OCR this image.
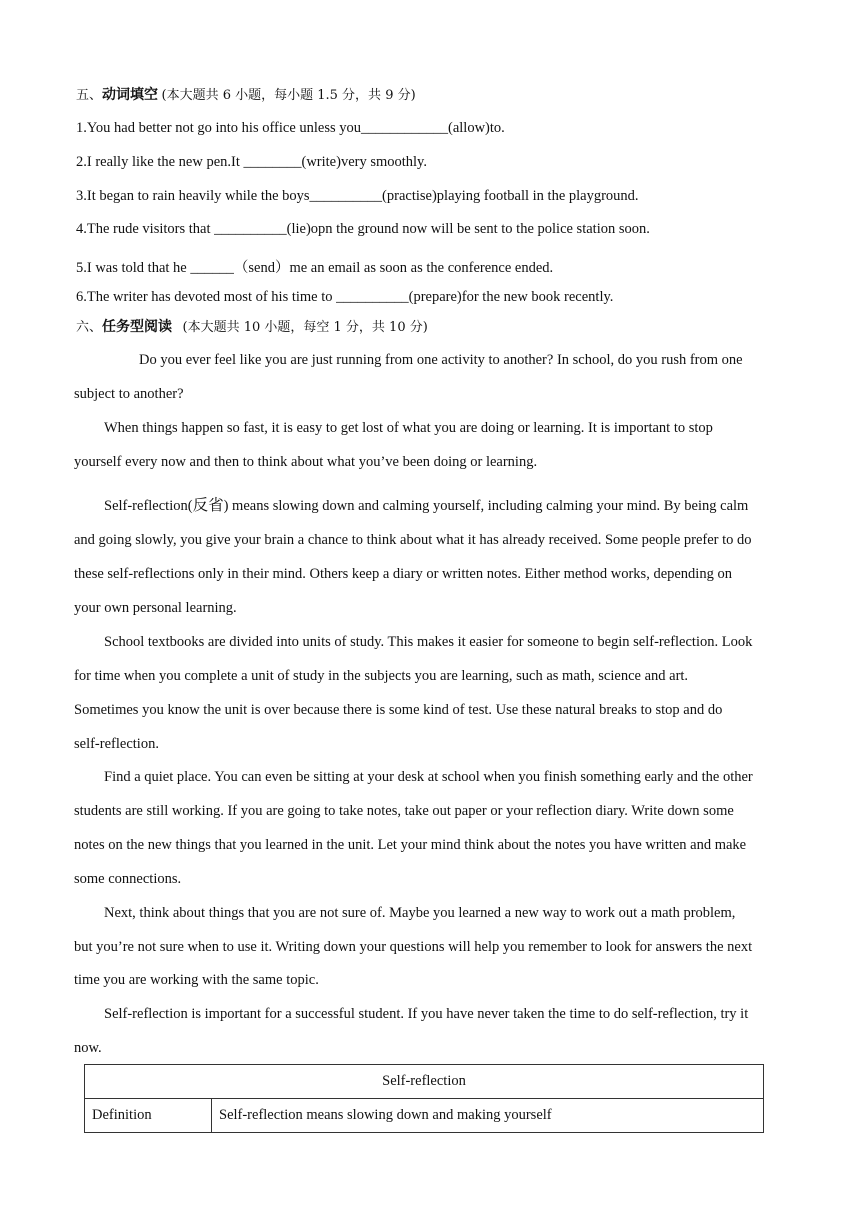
五、动词填空 (本大题共 6 小题，每小题 1.5 分，共 9 分)
1.You had better not go into his office unless you____________(allow)to.
2.I really like the new pen.It ________(write)very smoothly.
3.It began to rain heavily while the boys__________(practise)playing football in the playground.
4.The rude visitors that __________(lie)opn the ground now will be sent to the police station soon.
5.I was told that he ______（send）me an email as soon as the conference ended.
6.The writer has devoted most of his time to __________(prepare)for the new book recently.
六、任务型阅读 (本大题共 10 小题，每空 1 分，共 10 分)
Do you ever feel like you are just running from one activity to another? In school, do you rush from one
subject to another?
When things happen so fast, it is easy to get lost of what you are doing or learning. It is important to stop
yourself every now and then to think about what you’ve been doing or learning.
Self-reflection(反省) means slowing down and calming yourself, including calming your mind. By being calm
and going slowly, you give your brain a chance to think about what it has already received. Some people prefer to do
these self-reflections only in their mind. Others keep a diary or written notes. Either method works, depending on
your own personal learning.
School textbooks are divided into units of study. This makes it easier for someone to begin self-reflection. Look
for time when you complete a unit of study in the subjects you are learning, such as math, science and art.
Sometimes you know the unit is over because there is some kind of test. Use these natural breaks to stop and do
self-reflection.
Find a quiet place. You can even be sitting at your desk at school when you finish something early and the other
students are still working. If you are going to take notes, take out paper or your reflection diary. Write down some
notes on the new things that you learned in the unit. Let your mind think about the notes you have written and make
some connections.
Next, think about things that you are not sure of. Maybe you learned a new way to work out a math problem,
but you’re not sure when to use it. Writing down your questions will help you remember to look for answers the next
time you are working with the same topic.
Self-reflection is important for a successful student. If you have never taken the time to do self-reflection, try it
now.
Self-reflection
Definition	Self-reflection means slowing down and making yourself
